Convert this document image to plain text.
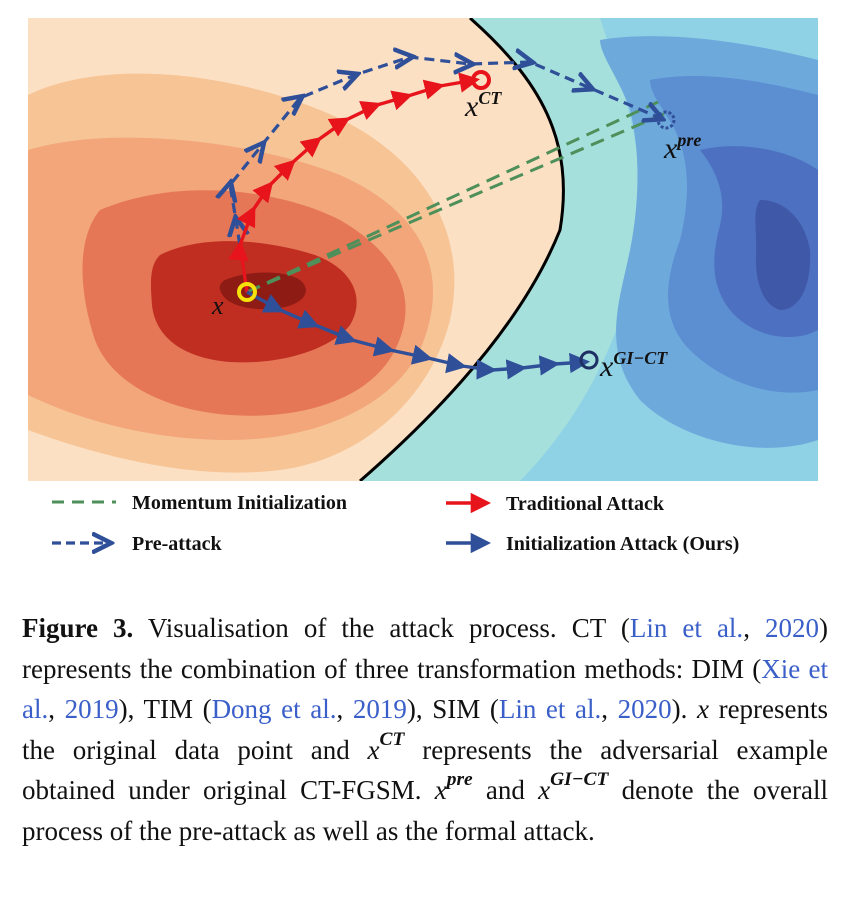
x
$x^{CT}$
$x^{pre}$
$x^{GI-CT}$
Momentum Initialization	Traditional Attack
Pre-attack	Initialization Attack (Ours)
Figure 3. Visualisation of the attack process. CT (Lin et al., 2020) represents the combination of three transformation methods: DIM (Xie et al., 2019), TIM (Dong et al., 2019), SIM (Lin et al., 2020). x represents the original data point and $x^{CT}$ represents the adversarial example obtained under original CT-FGSM. $x^{pre}$ and $x^{GI-CT}$ denote the overall process of the pre-attack as well as the formal attack.
